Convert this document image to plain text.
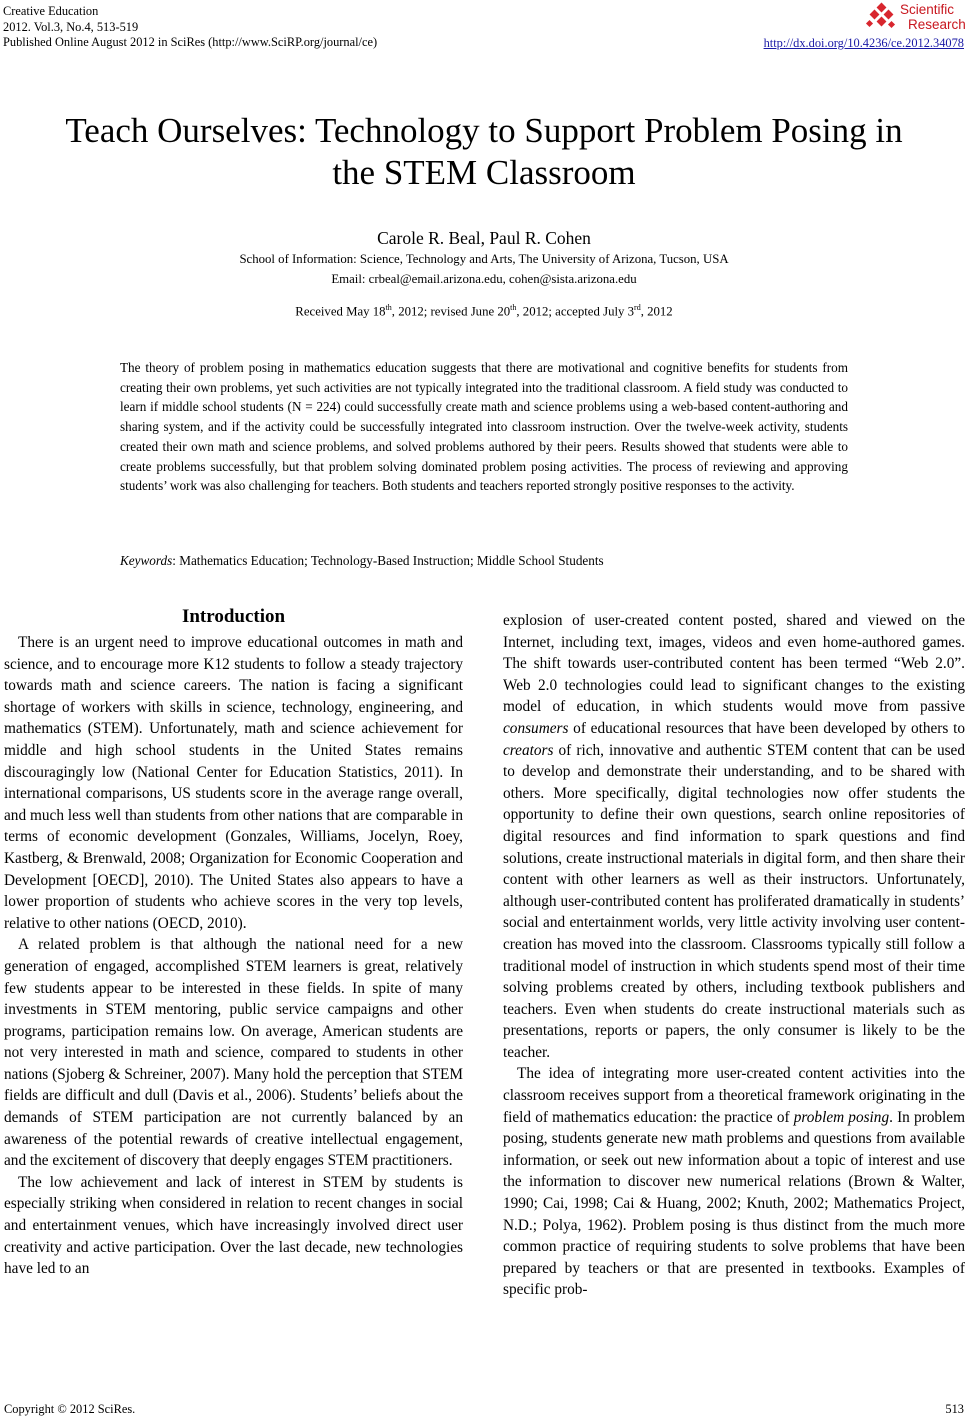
Creative Education
2012. Vol.3, No.4, 513-519
Published Online August 2012 in SciRes (http://www.SciRP.org/journal/ce)	http://dx.doi.org/10.4236/ce.2012.34078
Scientific
Research
Teach Ourselves: Technology to Support Problem Posing in
the STEM Classroom
Carole R. Beal, Paul R. Cohen
School of Information: Science, Technology and Arts, The University of Arizona, Tucson, USA
Email: crbeal@email.arizona.edu, cohen@sista.arizona.edu
Received May 18th, 2012; revised June 20th, 2012; accepted July 3rd, 2012
The theory of problem posing in mathematics education suggests that there are motivational and cognitive benefits for students from creating their own problems, yet such activities are not typically integrated into the traditional classroom. A field study was conducted to learn if middle school students (N = 224) could successfully create math and science problems using a web-based content-authoring and sharing system, and if the activity could be successfully integrated into classroom instruction. Over the twelve-week activity, students created their own math and science problems, and solved problems authored by their peers. Results showed that students were able to create problems successfully, but that problem solving dominated problem posing activities. The process of reviewing and approving students’ work was also challenging for teachers. Both students and teachers reported strongly positive responses to the activity.
Keywords: Mathematics Education; Technology-Based Instruction; Middle School Students
Introduction

There is an urgent need to improve educational outcomes in math and science, and to encourage more K12 students to follow a steady trajectory towards math and science careers. The nation is facing a significant shortage of workers with skills in science, technology, engineering, and mathematics (STEM). Unfortunately, math and science achievement for middle and high school students in the United States remains discouragingly low (National Center for Education Statistics, 2011). In international comparisons, US students score in the average range overall, and much less well than students from other nations that are comparable in terms of economic development (Gonzales, Williams, Jocelyn, Roey, Kastberg, & Brenwald, 2008; Organization for Economic Cooperation and Development [OECD], 2010). The United States also appears to have a lower proportion of students who achieve scores in the very top levels, relative to other nations (OECD, 2010).

A related problem is that although the national need for a new generation of engaged, accomplished STEM learners is great, relatively few students appear to be interested in these fields. In spite of many investments in STEM mentoring, public service campaigns and other programs, participation remains low. On average, American students are not very interested in math and science, compared to students in other nations (Sjoberg & Schreiner, 2007). Many hold the perception that STEM fields are difficult and dull (Davis et al., 2006). Students’ beliefs about the demands of STEM participation are not currently balanced by an awareness of the potential rewards of creative intellectual engagement, and the excitement of discovery that deeply engages STEM practitioners.

The low achievement and lack of interest in STEM by students is especially striking when considered in relation to recent changes in social and entertainment venues, which have increasingly involved direct user creativity and active participation. Over the last decade, new technologies have led to an

explosion of user-created content posted, shared and viewed on the Internet, including text, images, videos and even home-authored games. The shift towards user-contributed content has been termed “Web 2.0”. Web 2.0 technologies could lead to significant changes to the existing model of education, in which students would move from passive consumers of educational resources that have been developed by others to creators of rich, innovative and authentic STEM content that can be used to develop and demonstrate their understanding, and to be shared with others. More specifically, digital technologies now offer students the opportunity to define their own questions, search online repositories of digital resources and find information to spark questions and find solutions, create instructional materials in digital form, and then share their content with other learners as well as their instructors. Unfortunately, although user-contributed content has proliferated dramatically in students’ social and entertainment worlds, very little activity involving user content-creation has moved into the classroom. Classrooms typically still follow a traditional model of instruction in which students spend most of their time solving problems created by others, including textbook publishers and teachers. Even when students do create instructional materials such as presentations, reports or papers, the only consumer is likely to be the teacher.

The idea of integrating more user-created content activities into the classroom receives support from a theoretical framework originating in the field of mathematics education: the practice of problem posing. In problem posing, students generate new math problems and questions from available information, or seek out new information about a topic of interest and use the information to discover new numerical relations (Brown & Walter, 1990; Cai, 1998; Cai & Huang, 2002; Knuth, 2002; Mathematics Project, N.D.; Polya, 1962). Problem posing is thus distinct from the much more common practice of requiring students to solve problems that have been prepared by teachers or that are presented in textbooks. Examples of specific prob-

Copyright © 2012 SciRes.	513
